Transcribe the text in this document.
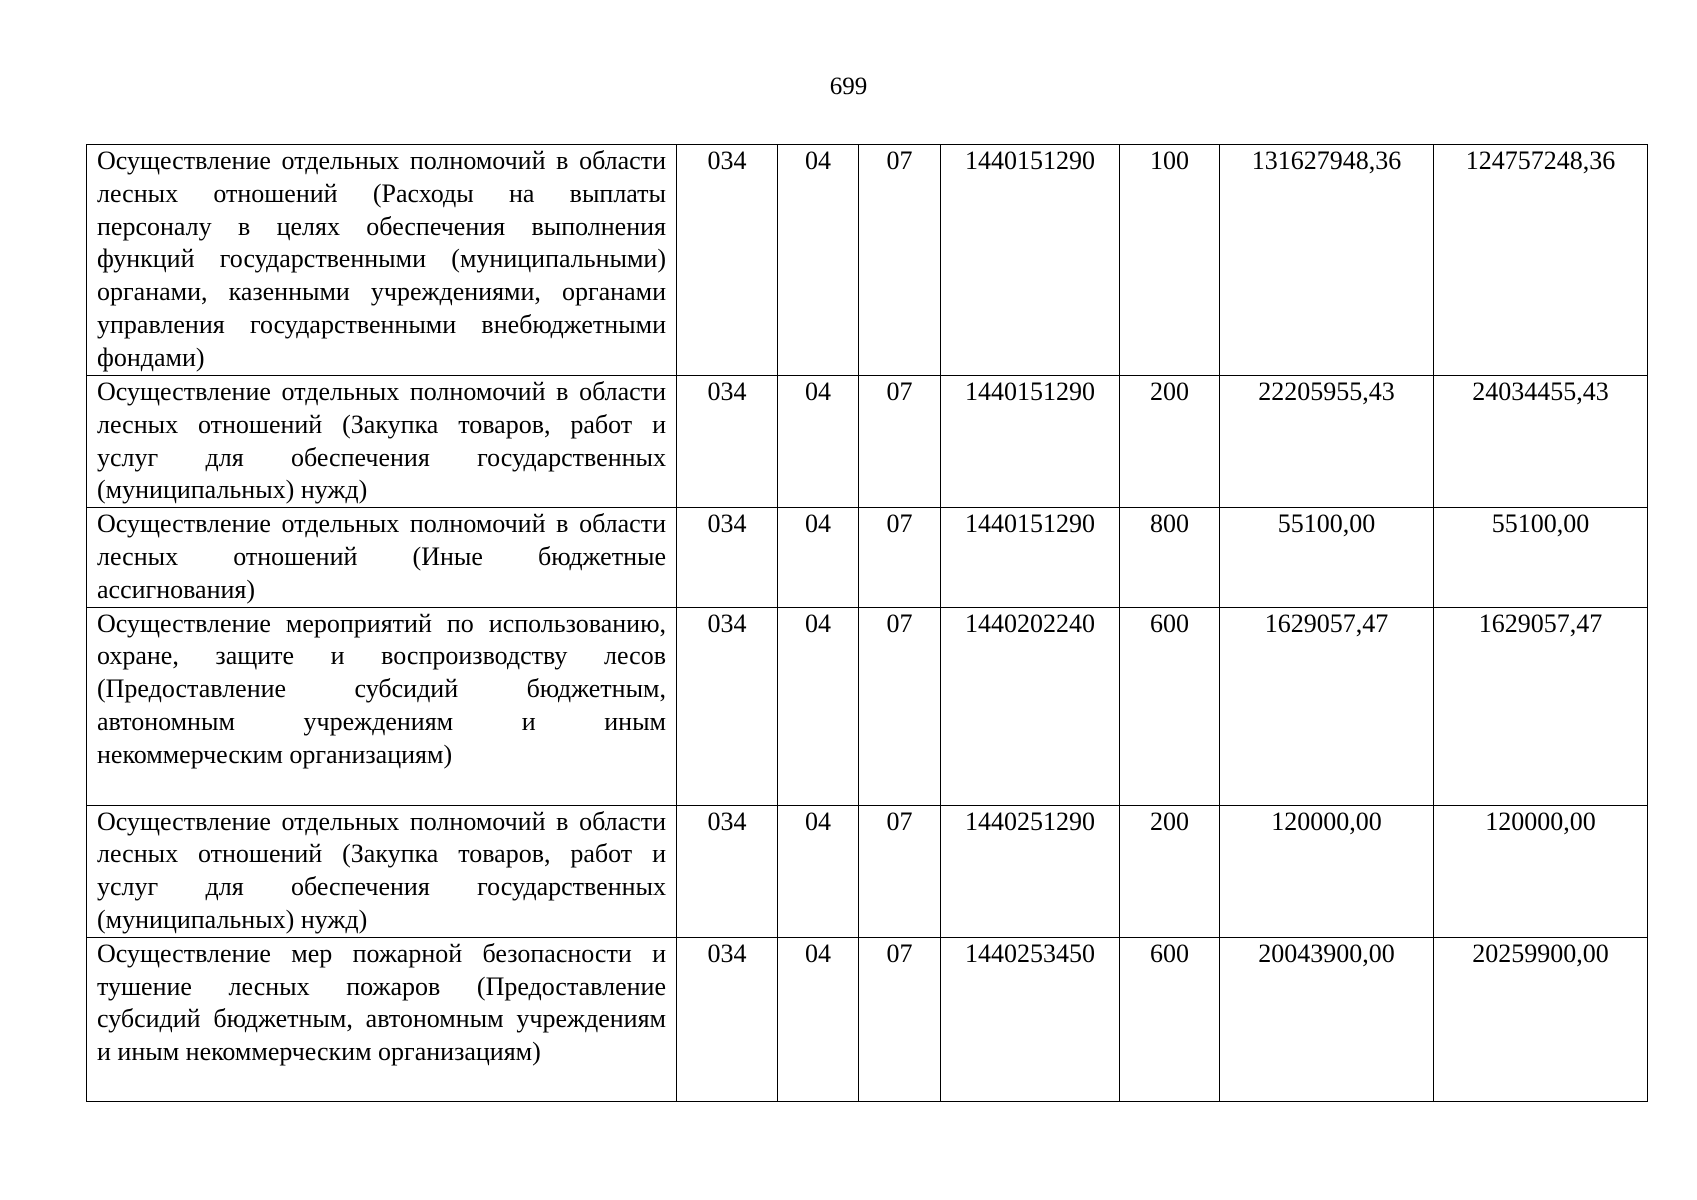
699
Осуществление отдельных полномочий в области лесных отношений (Расходы на выплаты персоналу в целях обеспечения выполнения функций государственными (муниципальными) органами, казенными учреждениями, органами управления государственными внебюджетными фондами)	034	04	07	1440151290	100	131627948,36	124757248,36
Осуществление отдельных полномочий в области лесных отношений (Закупка товаров, работ и услуг для обеспечения государственных (муниципальных) нужд)	034	04	07	1440151290	200	22205955,43	24034455,43
Осуществление отдельных полномочий в области лесных отношений (Иные бюджетные ассигнования)	034	04	07	1440151290	800	55100,00	55100,00
Осуществление мероприятий по использованию, охране, защите и воспроизводству лесов (Предоставление субсидий бюджетным, автономным учреждениям и иным некоммерческим организациям)	034	04	07	1440202240	600	1629057,47	1629057,47
Осуществление отдельных полномочий в области лесных отношений (Закупка товаров, работ и услуг для обеспечения государственных (муниципальных) нужд)	034	04	07	1440251290	200	120000,00	120000,00
Осуществление мер пожарной безопасности и тушение лесных пожаров (Предоставление субсидий бюджетным, автономным учреждениям и иным некоммерческим организациям)	034	04	07	1440253450	600	20043900,00	20259900,00
